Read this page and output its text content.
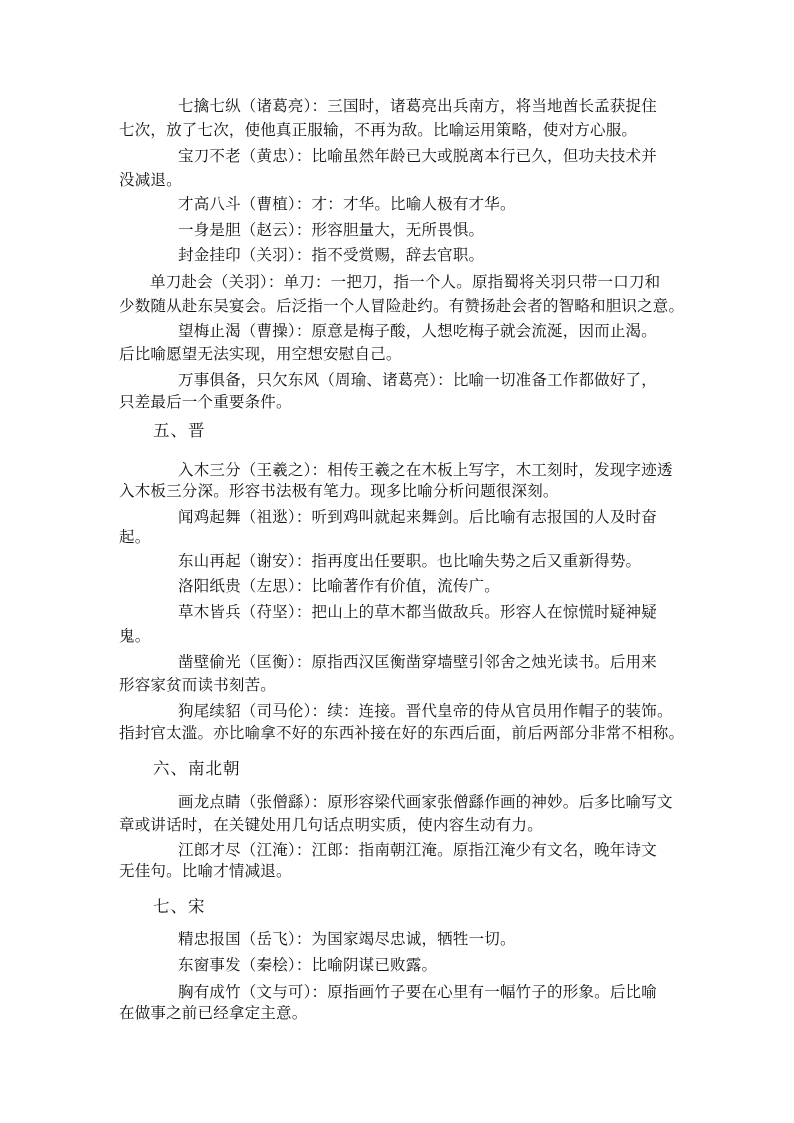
七擒七纵（诸葛亮）：三国时，诸葛亮出兵南方，将当地酋长孟获捉住

七次，放了七次，使他真正服输，不再为敌。比喻运用策略，使对方心服。

宝刀不老（黄忠）：比喻虽然年龄已大或脱离本行已久，但功夫技术并

没减退。

才高八斗（曹植）：才：才华。比喻人极有才华。

一身是胆（赵云）：形容胆量大，无所畏惧。

封金挂印（关羽）：指不受赏赐，辞去官职。

单刀赴会（关羽）：单刀：一把刀，指一个人。原指蜀将关羽只带一口刀和

少数随从赴东吴宴会。后泛指一个人冒险赴约。有赞扬赴会者的智略和胆识之意。

望梅止渴（曹操）：原意是梅子酸，人想吃梅子就会流涎，因而止渴。

后比喻愿望无法实现，用空想安慰自己。

万事俱备，只欠东风（周瑜、诸葛亮）：比喻一切准备工作都做好了，

只差最后一个重要条件。

五、晋

入木三分（王羲之）：相传王羲之在木板上写字，木工刻时，发现字迹透

入木板三分深。形容书法极有笔力。现多比喻分析问题很深刻。

闻鸡起舞（祖逖）：听到鸡叫就起来舞剑。后比喻有志报国的人及时奋

起。

东山再起（谢安）：指再度出任要职。也比喻失势之后又重新得势。

洛阳纸贵（左思）：比喻著作有价值，流传广。

草木皆兵（苻坚）：把山上的草木都当做敌兵。形容人在惊慌时疑神疑

鬼。

凿壁偷光（匡衡）：原指西汉匡衡凿穿墙壁引邻舍之烛光读书。后用来

形容家贫而读书刻苦。

狗尾续貂（司马伦）：续：连接。晋代皇帝的侍从官员用作帽子的装饰。

指封官太滥。亦比喻拿不好的东西补接在好的东西后面，前后两部分非常不相称。

六、南北朝

画龙点睛（张僧繇）：原形容梁代画家张僧繇作画的神妙。后多比喻写文

章或讲话时，在关键处用几句话点明实质，使内容生动有力。

江郎才尽（江淹）：江郎：指南朝江淹。原指江淹少有文名，晚年诗文

无佳句。比喻才情减退。

七、宋

精忠报国（岳飞）：为国家竭尽忠诚，牺牲一切。

东窗事发（秦桧）：比喻阴谋已败露。

胸有成竹（文与可）：原指画竹子要在心里有一幅竹子的形象。后比喻

在做事之前已经拿定主意。
